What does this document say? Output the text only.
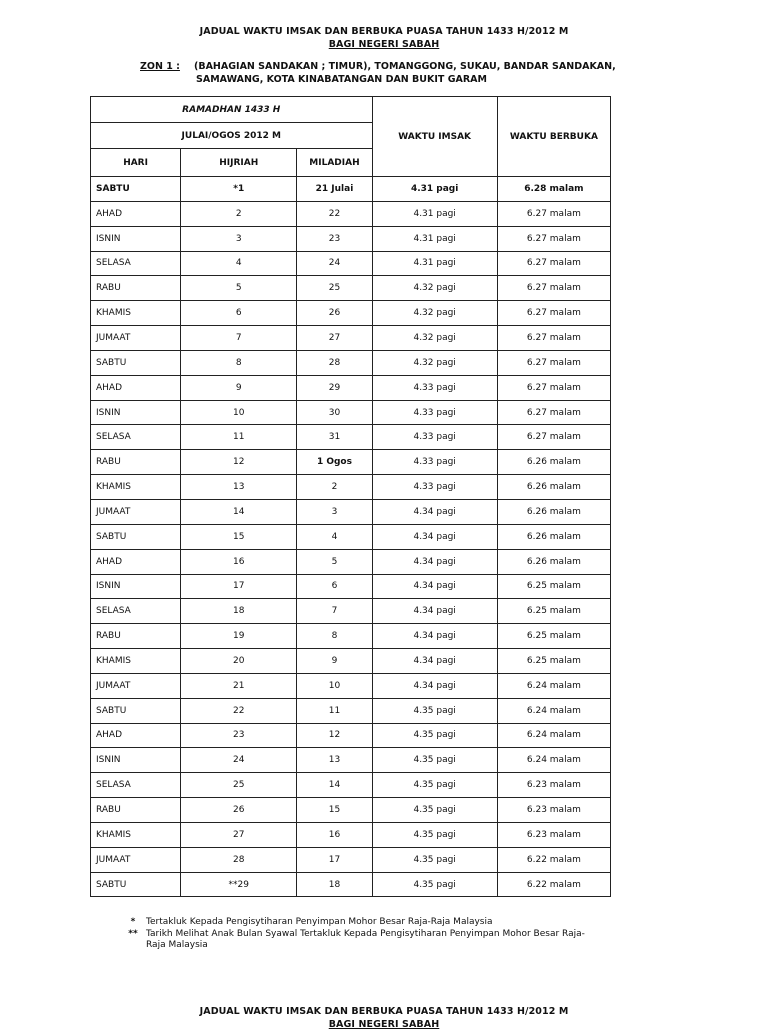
JADUAL WAKTU IMSAK DAN BERBUKA PUASA TAHUN 1433 H/2012 M
BAGI NEGERI SABAH
ZON 1 : (BAHAGIAN SANDAKAN ; TIMUR), TOMANGGONG, SUKAU, BANDAR SANDAKAN,
SAMAWANG, KOTA KINABATANGAN DAN BUKIT GARAM
RAMADHAN 1433 H			WAKTU IMSAK	WAKTU BERBUKA
JULAI/OGOS 2012 M				
HARI	HIJRIAH	MILADIAH		
SABTU	*1	21 Julai	4.31 pagi	6.28 malam
AHAD	2	22	4.31 pagi	6.27 malam
ISNIN	3	23	4.31 pagi	6.27 malam
SELASA	4	24	4.31 pagi	6.27 malam
RABU	5	25	4.32 pagi	6.27 malam
KHAMIS	6	26	4.32 pagi	6.27 malam
JUMAAT	7	27	4.32 pagi	6.27 malam
SABTU	8	28	4.32 pagi	6.27 malam
AHAD	9	29	4.33 pagi	6.27 malam
ISNIN	10	30	4.33 pagi	6.27 malam
SELASA	11	31	4.33 pagi	6.27 malam
RABU	12	1 Ogos	4.33 pagi	6.26 malam
KHAMIS	13	2	4.33 pagi	6.26 malam
JUMAAT	14	3	4.34 pagi	6.26 malam
SABTU	15	4	4.34 pagi	6.26 malam
AHAD	16	5	4.34 pagi	6.26 malam
ISNIN	17	6	4.34 pagi	6.25 malam
SELASA	18	7	4.34 pagi	6.25 malam
RABU	19	8	4.34 pagi	6.25 malam
KHAMIS	20	9	4.34 pagi	6.25 malam
JUMAAT	21	10	4.34 pagi	6.24 malam
SABTU	22	11	4.35 pagi	6.24 malam
AHAD	23	12	4.35 pagi	6.24 malam
ISNIN	24	13	4.35 pagi	6.24 malam
SELASA	25	14	4.35 pagi	6.23 malam
RABU	26	15	4.35 pagi	6.23 malam
KHAMIS	27	16	4.35 pagi	6.23 malam
JUMAAT	28	17	4.35 pagi	6.22 malam
SABTU	**29	18	4.35 pagi	6.22 malam
*	Tertakluk Kepada Pengisytiharan Penyimpan Mohor Besar Raja-Raja Malaysia
** Tarikh Melihat Anak Bulan Syawal Tertakluk Kepada Pengisytiharan Penyimpan Mohor Besar Raja-Raja Malaysia
JADUAL WAKTU IMSAK DAN BERBUKA PUASA TAHUN 1433 H/2012 M
BAGI NEGERI SABAH
